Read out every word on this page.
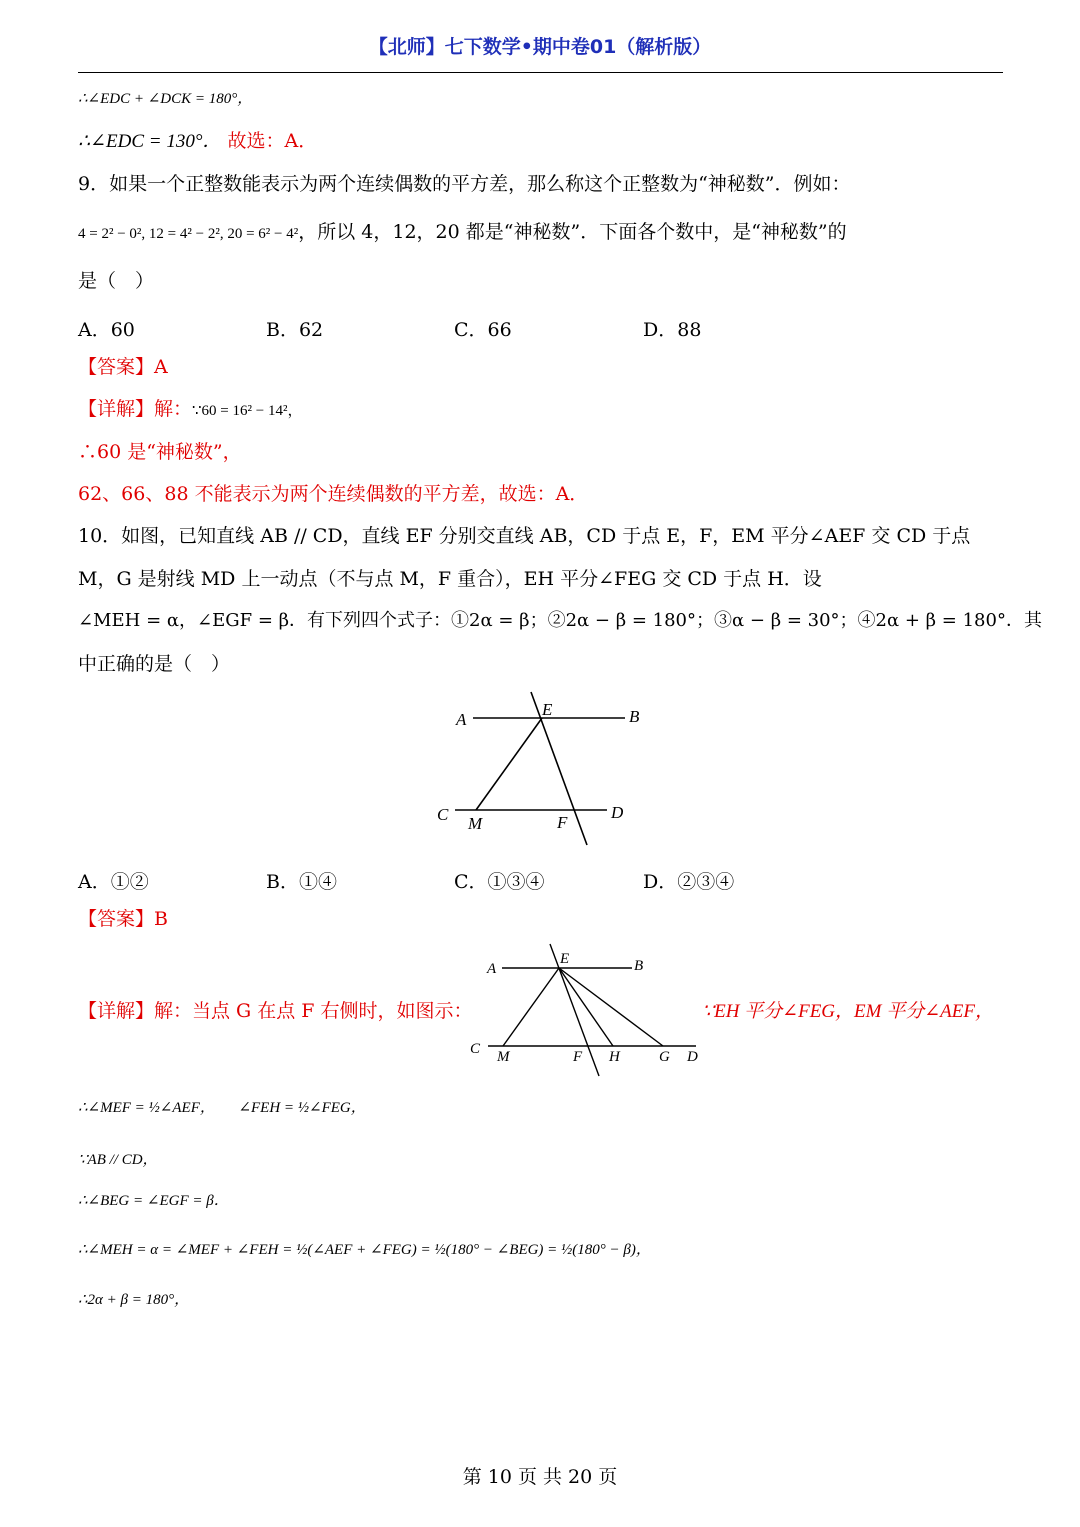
【北师】七下数学•期中卷01（解析版）
∴∠EDC + ∠DCK = 180°，
∴∠EDC = 130°． 故选：A．
9．如果一个正整数能表示为两个连续偶数的平方差，那么称这个正整数为“神秘数”．例如：
4 = 2² − 0², 12 = 4² − 2², 20 = 6² − 4²，所以 4，12，20 都是“神秘数”．下面各个数中，是“神秘数”的
是（　）
A．60	B．62	C．66	D．88
【答案】A
【详解】解：∵60 = 16² − 14²，
∴60 是“神秘数”，
62、66、88 不能表示为两个连续偶数的平方差，故选：A．
10．如图，已知直线 AB // CD，直线 EF 分别交直线 AB，CD 于点 E，F，EM 平分∠AEF 交 CD 于点
M，G 是射线 MD 上一动点（不与点 M，F 重合），EH 平分∠FEG 交 CD 于点 H．设
∠MEH = α，∠EGF = β．有下列四个式子：①2α = β；②2α − β = 180°；③α − β = 30°；④2α + β = 180°．其
中正确的是（　）
A	B
E
C M	F
D
A．①②	B．①④	C．①③④	D．②③④
【答案】B
【详解】解：当点 G 在点 F 右侧时，如图示：
A	B
E
C M	F H	G D
∵EH 平分∠FEG，EM 平分∠AEF，
∴∠MEF = ½∠AEF， ∠FEH = ½∠FEG，
∵AB // CD，
∴∠BEG = ∠EGF = β．
∴∠MEH = α = ∠MEF + ∠FEH = ½(∠AEF + ∠FEG) = ½(180° − ∠BEG) = ½(180° − β)，
∴2α + β = 180°，
第 10 页 共 20 页
